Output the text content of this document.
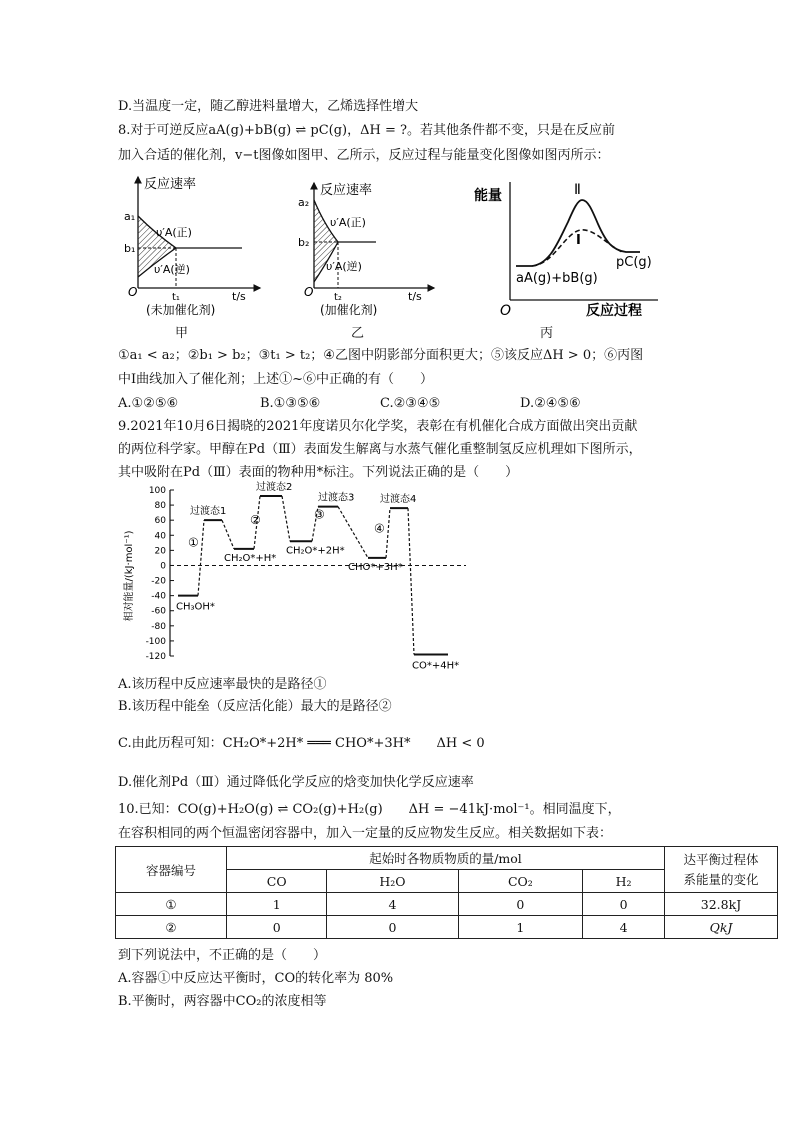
D.当温度一定，随乙醇进料量增大，乙烯选择性增大
8.对于可逆反应aA(g)+bB(g) ⇌ pC(g)，ΔH = ?。若其他条件都不变，只是在反应前
加入合适的催化剂，v−t图像如图甲、乙所示，反应过程与能量变化图像如图丙所示：
反应速率
a₁
b₁
υ′A(正)
υ′A(逆)
O	t₁	t/s
(未加催化剂)
反应速率
a₂
b₂
υ′A(正)
υ′A(逆)
O t₂	t/s
(加催化剂)
能量	Ⅱ
Ⅰ
aA(g)+bB(g)
pC(g)
O	反应过程
甲	乙	丙
①a₁ < a₂；②b₁ > b₂；③t₁ > t₂；④乙图中阴影部分面积更大；⑤该反应ΔH > 0；⑥丙图
中Ⅰ曲线加入了催化剂；上述①~⑥中正确的有（　　）
A.①②⑤⑥	B.①③⑤⑥	C.②③④⑤	D.②④⑤⑥
9.2021年10月6日揭晓的2021年度诺贝尔化学奖，表彰在有机催化合成方面做出突出贡献
的两位科学家。甲醇在Pd（Ⅲ）表面发生解离与水蒸气催化重整制氢反应机理如下图所示，
其中吸附在Pd（Ⅲ）表面的物种用*标注。下列说法正确的是（　　）
相对能量/(kJ·mol⁻¹)
100
80
60
40
20
0
-20
-40
-60
-80
-100
-120
CH₃OH*
过渡态1
CH₂O*+H*
过渡态2
CH₂O*+2H*
过渡态3
CHO*+3H*
过渡态4
CO*+4H*
①
②	③
④
A.该历程中反应速率最快的是路径①
B.该历程中能垒（反应活化能）最大的是路径②
C.由此历程可知：CH₂O*+2H* ═══ CHO*+3H*　　ΔH < 0
D.催化剂Pd（Ⅲ）通过降低化学反应的焓变加快化学反应速率
10.已知：CO(g)+H₂O(g) ⇌ CO₂(g)+H₂(g)　　ΔH = −41kJ·mol⁻¹。相同温度下，
在容积相同的两个恒温密闭容器中，加入一定量的反应物发生反应。相关数据如下表：
容器编号	起始时各物质物质的量/mol				达平衡过程体
系能量的变化

	CO	H₂O	CO₂	H₂	
①	1	4	0	0	32.8kJ
②	0	0	1	4	QkJ
到下列说法中，不正确的是（　　）
A.容器①中反应达平衡时，CO的转化率为 80%
B.平衡时，两容器中CO₂的浓度相等
